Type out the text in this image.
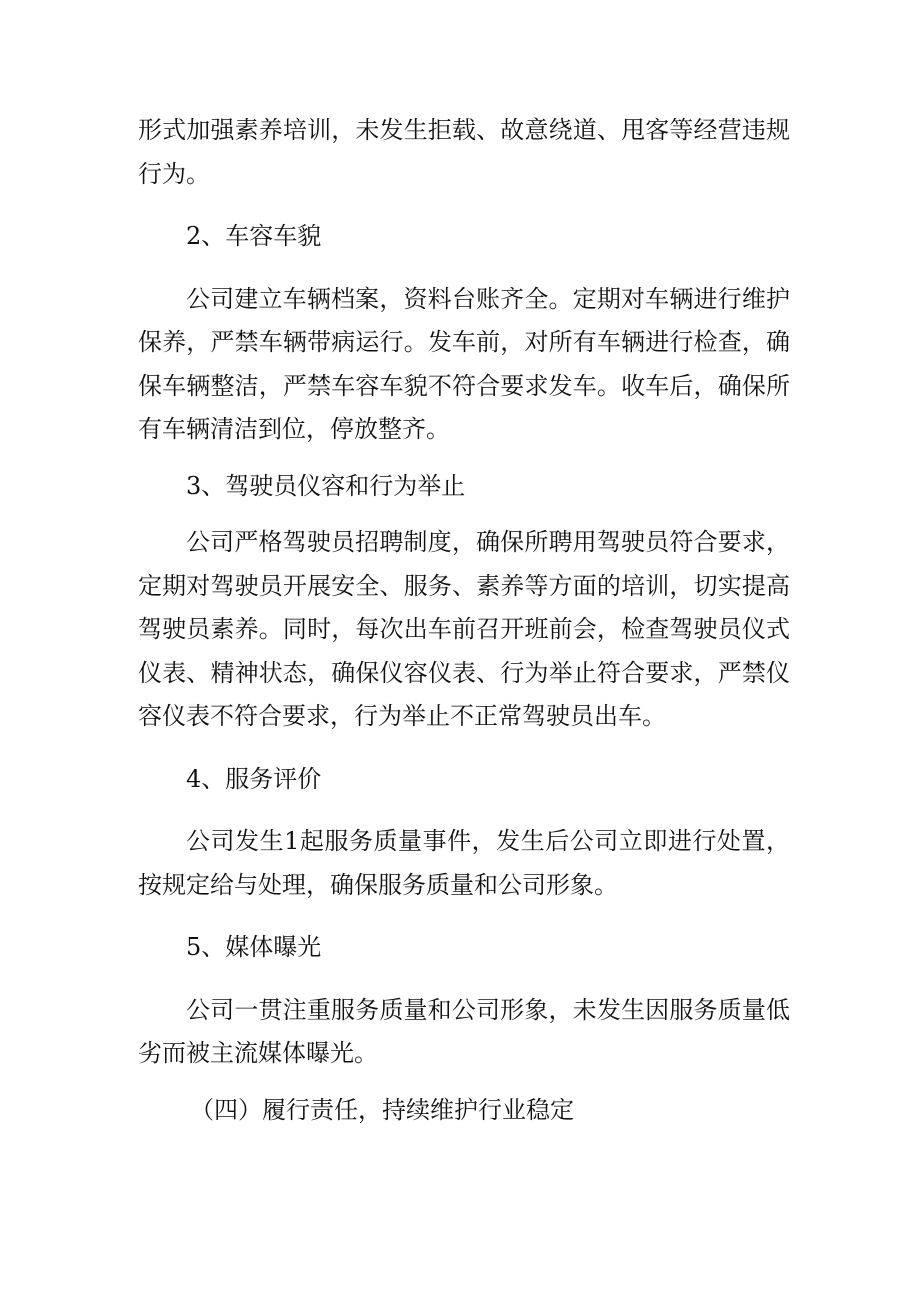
形式加强素养培训，未发生拒载、故意绕道、甩客等经营违规行为。

2、车容车貌

公司建立车辆档案，资料台账齐全。定期对车辆进行维护保养，严禁车辆带病运行。发车前，对所有车辆进行检查，确保车辆整洁，严禁车容车貌不符合要求发车。收车后，确保所有车辆清洁到位，停放整齐。

3、驾驶员仪容和行为举止

公司严格驾驶员招聘制度，确保所聘用驾驶员符合要求，定期对驾驶员开展安全、服务、素养等方面的培训，切实提高驾驶员素养。同时，每次出车前召开班前会，检查驾驶员仪式仪表、精神状态，确保仪容仪表、行为举止符合要求，严禁仪容仪表不符合要求，行为举止不正常驾驶员出车。

4、服务评价

公司发生1起服务质量事件，发生后公司立即进行处置，按规定给与处理，确保服务质量和公司形象。

5、媒体曝光

公司一贯注重服务质量和公司形象，未发生因服务质量低劣而被主流媒体曝光。

（四）履行责任，持续维护行业稳定
